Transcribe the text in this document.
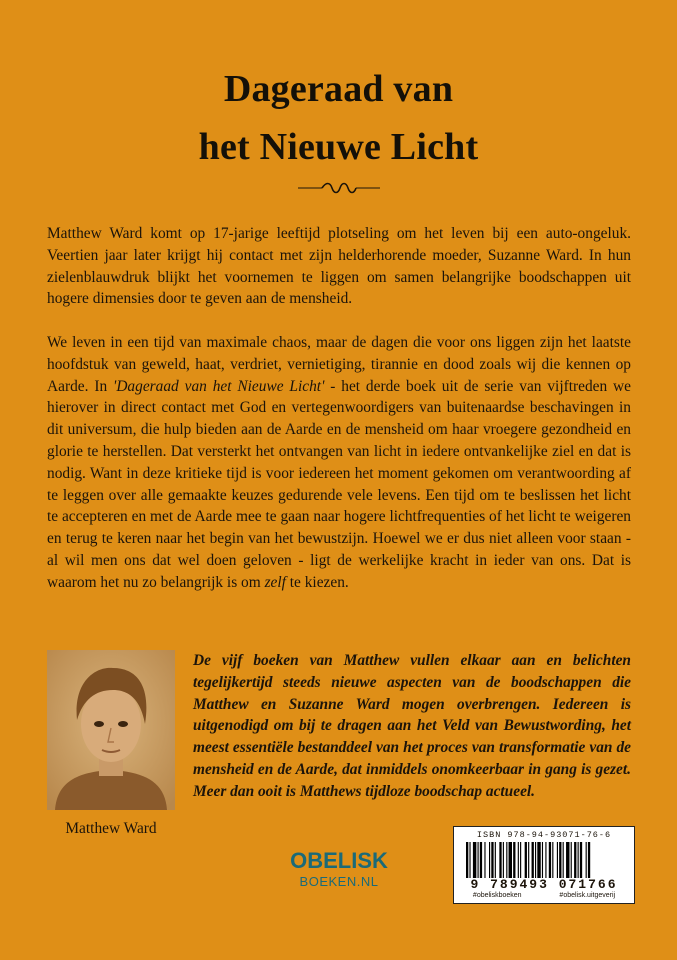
Dageraad van
het Nieuwe Licht

Matthew Ward komt op 17-jarige leeftijd plotseling om het leven bij een auto-ongeluk. Veertien jaar later krijgt hij contact met zijn helderhorende moeder, Suzanne Ward. In hun zielenblauwdruk blijkt het voornemen te liggen om samen belangrijke boodschappen uit hogere dimensies door te geven aan de mensheid.

We leven in een tijd van maximale chaos, maar de dagen die voor ons liggen zijn het laatste hoofdstuk van geweld, haat, verdriet, vernietiging, tirannie en dood zoals wij die kennen op Aarde. In 'Dageraad van het Nieuwe Licht' - het derde boek uit de serie van vijftreden we hierover in direct contact met God en vertegenwoordigers van buitenaardse beschavingen in dit universum, die hulp bieden aan de Aarde en de mensheid om haar vroegere gezondheid en glorie te herstellen. Dat versterkt het ontvangen van licht in iedere ontvankelijke ziel en dat is nodig. Want in deze kritieke tijd is voor iedereen het moment gekomen om verantwoording af te leggen over alle gemaakte keuzes gedurende vele levens. Een tijd om te beslissen het licht te accepteren en met de Aarde mee te gaan naar hogere lichtfrequenties of het licht te weigeren en terug te keren naar het begin van het bewustzijn. Hoewel we er dus niet alleen voor staan - al wil men ons dat wel doen geloven - ligt de werkelijke kracht in ieder van ons. Dat is waarom het nu zo belangrijk is om zelf te kiezen.

Matthew Ward
De vijf boeken van Matthew vullen elkaar aan en belichten tegelijkertijd steeds nieuwe aspecten van de boodschappen die Matthew en Suzanne Ward mogen overbrengen. Iedereen is uitgenodigd om bij te dragen aan het Veld van Bewustwording, het meest essentiële bestanddeel van het proces van transformatie van de mensheid en de Aarde, dat inmiddels onomkeerbaar in gang is gezet. Meer dan ooit is Matthews tijdloze boodschap actueel.
OBELISK
BOEKEN.NL
ISBN 978-94-93071-76-6
9 789493 071766
#obeliskboeken	#obelisk.uitgeverij
